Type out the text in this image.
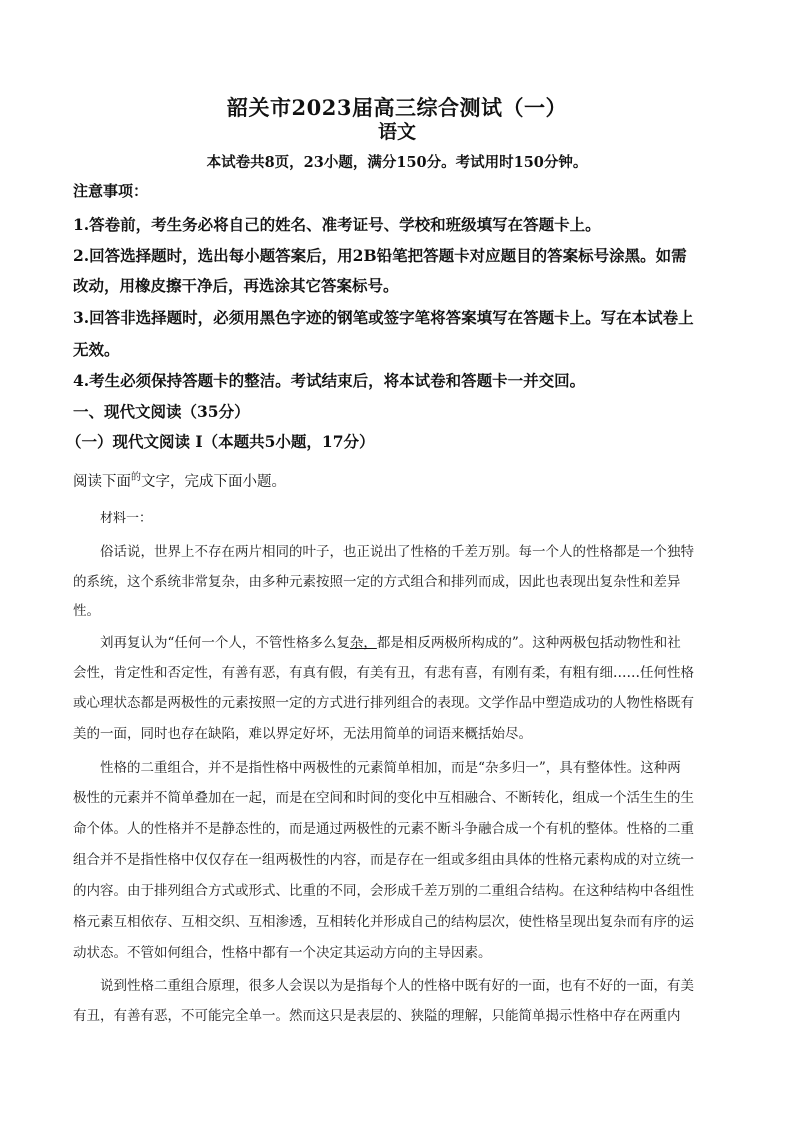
韶关市2023届高三综合测试（一）
语文
本试卷共8页，23小题，满分150分。考试用时150分钟。
注意事项：
1.答卷前，考生务必将自己的姓名、准考证号、学校和班级填写在答题卡上。
2.回答选择题时，选出每小题答案后，用2B铅笔把答题卡对应题目的答案标号涂黑。如需
改动，用橡皮擦干净后，再选涂其它答案标号。
3.回答非选择题时，必须用黑色字迹的钢笔或签字笔将答案填写在答题卡上。写在本试卷上
无效。
4.考生必须保持答题卡的整洁。考试结束后，将本试卷和答题卡一并交回。
一、现代文阅读（35分）
（一）现代文阅读 I（本题共5小题，17分）
阅读下面$^的$文字，完成下面小题。
材料一：
俗话说，世界上不存在两片相同的叶子，也正说出了性格的千差万别。每一个人的性格都是一个独特
的系统，这个系统非常复杂，由多种元素按照一定的方式组合和排列而成，因此也表现出复杂性和差异
性。
刘再复认为“任何一个人，不管性格多么复杂，都是相反两极所构成的”。这种两极包括动物性和社
会性，肯定性和否定性，有善有恶，有真有假，有美有丑，有悲有喜，有刚有柔，有粗有细……任何性格
或心理状态都是两极性的元素按照一定的方式进行排列组合的表现。文学作品中塑造成功的人物性格既有
美的一面，同时也存在缺陷，难以界定好坏，无法用简单的词语来概括始尽。
性格的二重组合，并不是指性格中两极性的元素简单相加，而是“杂多归一”，具有整体性。这种两
极性的元素并不简单叠加在一起，而是在空间和时间的变化中互相融合、不断转化，组成一个活生生的生
命个体。人的性格并不是静态性的，而是通过两极性的元素不断斗争融合成一个有机的整体。性格的二重
组合并不是指性格中仅仅存在一组两极性的内容，而是存在一组或多组由具体的性格元素构成的对立统一
的内容。由于排列组合方式或形式、比重的不同，会形成千差万别的二重组合结构。在这种结构中各组性
格元素互相依存、互相交织、互相渗透，互相转化并形成自己的结构层次，使性格呈现出复杂而有序的运
动状态。不管如何组合，性格中都有一个决定其运动方向的主导因素。
说到性格二重组合原理，很多人会误以为是指每个人的性格中既有好的一面，也有不好的一面，有美
有丑，有善有恶，不可能完全单一。然而这只是表层的、狭隘的理解，只能简单揭示性格中存在两重内
